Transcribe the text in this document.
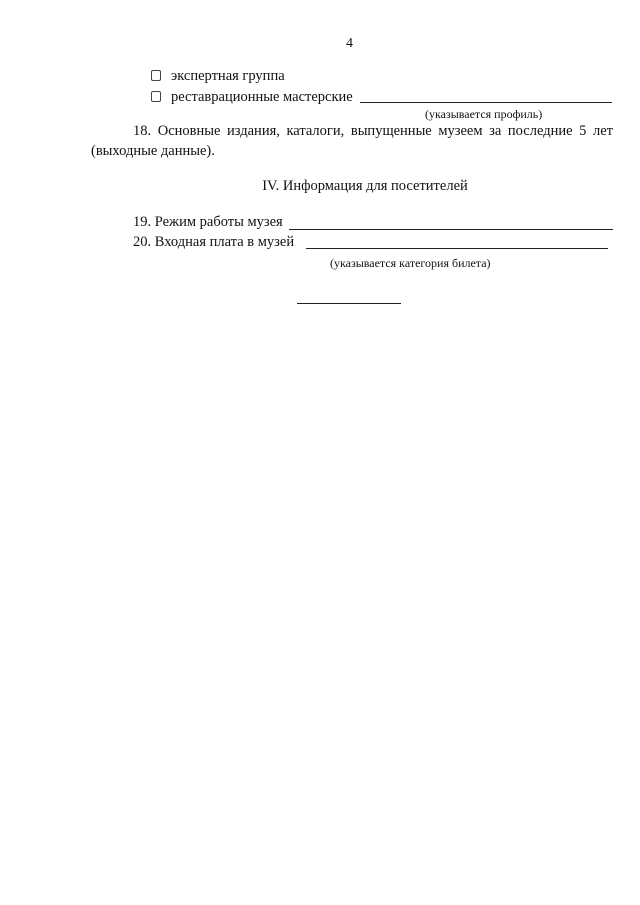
4
экспертная группа
реставрационные мастерские
(указывается профиль)
18. Основные издания, каталоги, выпущенные музеем за последние 5 лет
(выходные данные).
IV. Информация для посетителей
19. Режим работы музея
20. Входная плата в музей
(указывается категория билета)
